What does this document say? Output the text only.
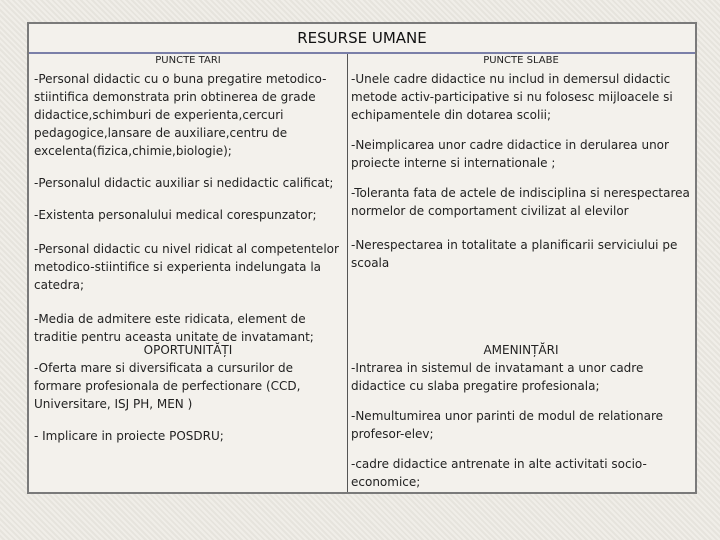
RESURSE UMANE
PUNCTE TARI

-Personal didactic cu o buna pregatire metodico-stiintifica demonstrata prin obtinerea de grade didactice,schimburi de experienta,cercuri pedagogice,lansare de auxiliare,centru de excelenta(fizica,chimie,biologie);

-Personalul didactic auxiliar si nedidactic calificat;

-Existenta personalului medical corespunzator;

-Personal didactic cu nivel ridicat al competentelor metodico-stiintifice si experienta indelungata la catedra;

-Media de admitere este ridicata, element de traditie pentru aceasta unitate de invatamant;

PUNCTE SLABE

-Unele cadre didactice nu includ in demersul didactic metode activ-participative si nu folosesc mijloacele si echipamentele din dotarea scolii;

-Neimplicarea unor cadre didactice in derularea unor proiecte interne si internationale ;

-Toleranta fata de actele de indisciplina si nerespectarea normelor de comportament civilizat al elevilor

-Nerespectarea in totalitate a planificarii serviciului pe scoala

OPORTUNITĂȚI

-Oferta mare si diversificata a cursurilor de formare profesionala de perfectionare (CCD, Universitare, ISJ PH, MEN )

- Implicare in proiecte POSDRU;

AMENINȚĂRI

-Intrarea in sistemul de invatamant a unor cadre didactice cu slaba pregatire profesionala;

-Nemultumirea unor parinti de modul de relationare profesor-elev;

-cadre didactice antrenate in alte activitati socio-economice;
